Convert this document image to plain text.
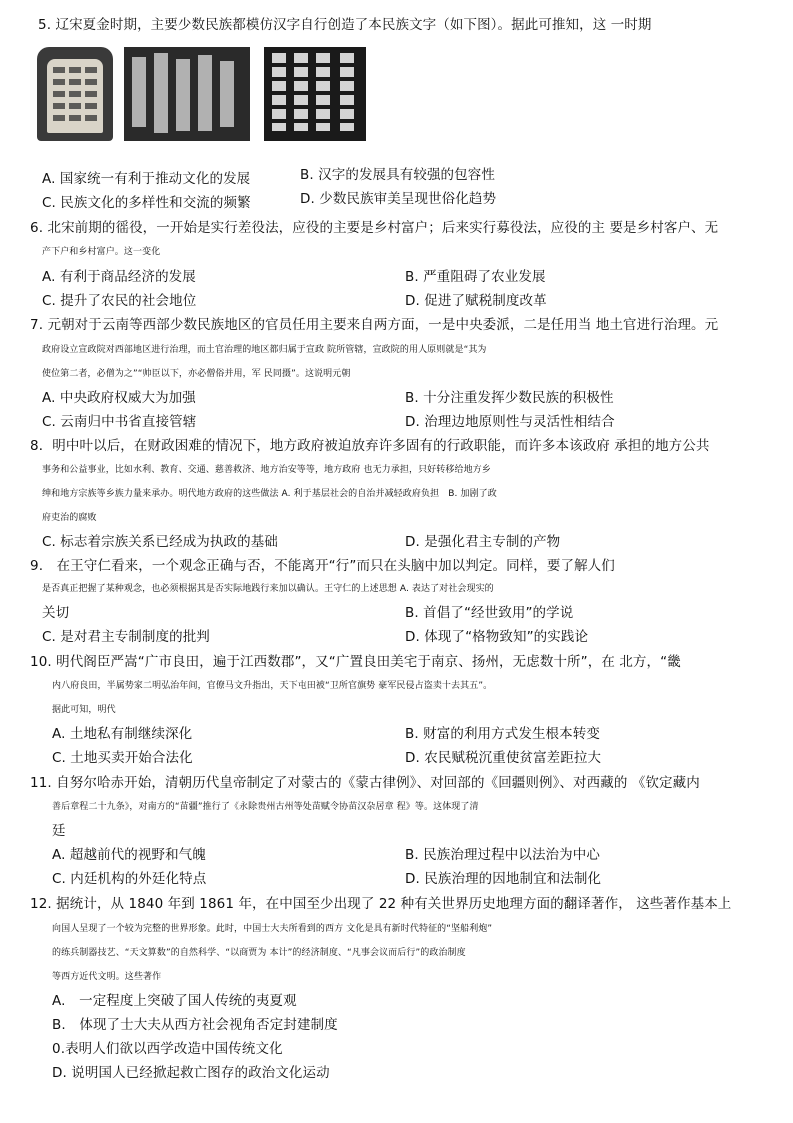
5. 辽宋夏金时期，主要少数民族都模仿汉字自行创造了本民族文字（如下图）。据此可推知，这 一时期
A. 国家统一有利于推动文化的发展	B. 汉字的发展具有较强的包容性
C. 民族文化的多样性和交流的频繁	D. 少数民族审美呈现世俗化趋势
6. 北宋前期的徭役，一开始是实行差役法，应役的主要是乡村富户；后来实行募役法，应役的主 要是乡村客户、无
产下户和乡村富户。这一变化
A. 有利于商品经济的发展	B. 严重阻碍了农业发展
C. 提升了农民的社会地位	D. 促进了赋税制度改革
7. 元朝对于云南等西部少数民族地区的官员任用主要来自两方面，一是中央委派，二是任用当 地土官进行治理。元
政府设立宣政院对西部地区进行治理，而土官治理的地区都归属于宣政 院所管辖，宣政院的用人原则就是“其为
使位第二者，必僧为之”“帅臣以下，亦必僧俗并用，军 民同摄”。这说明元朝
A. 中央政府权威大为加强	B. 十分注重发挥少数民族的积极性
C. 云南归中书省直接管辖	D. 治理边地原则性与灵活性相结合
8．明中叶以后，在财政困难的情况下，地方政府被迫放弃许多固有的行政职能，而许多本该政府 承担的地方公共
事务和公益事业，比如水利、教育、交通、慈善救济、地方治安等等，地方政府 也无力承担，只好转移给地方乡
绅和地方宗族等乡族力量来承办。明代地方政府的这些做法 A. 利于基层社会的自治并减轻政府负担　B. 加剧了政
府吏治的腐败
C. 标志着宗族关系已经成为执政的基础	D. 是强化君主专制的产物
9.　在王守仁看来，一个观念正确与否，不能离开“行”而只在头脑中加以判定。同样，要了解人们
是否真正把握了某种观念，也必须根据其是否实际地践行来加以确认。王守仁的上述思想 A. 表达了对社会现实的
关切	B. 首倡了“经世致用”的学说
C. 是对君主专制制度的批判	D. 体现了“格物致知”的实践论
10. 明代阁臣严嵩“广市良田，遍于江西数郡”，又“广置良田美宅于南京、扬州，无虑数十所”，在 北方，“畿
内八府良田，半属势家二明弘治年间，官僚马文升指出，天下屯田被“卫所官旗势 豪军民侵占盗卖十去其五”。
据此可知，明代
A. 土地私有制继续深化	B. 财富的利用方式发生根本转变
C. 土地买卖开始合法化	D. 农民赋税沉重使贫富差距拉大
11. 自努尔哈赤开始，清朝历代皇帝制定了对蒙古的《蒙古律例》、对回部的《回疆则例》、对西藏的 《钦定藏内
善后章程二十九条》，对南方的“苗疆”推行了《永除贵州古州等处苗赋令协苗汉杂居章 程》等。这体现了清
廷
A. 超越前代的视野和气魄	B. 民族治理过程中以法治为中心
C. 内廷机构的外廷化特点	D. 民族治理的因地制宜和法制化
12. 据统计，从 1840 年到 1861 年，在中国至少出现了 22 种有关世界历史地理方面的翻译著作， 这些著作基本上
向国人呈现了一个较为完整的世界形象。此时，中国士大夫所看到的西方 文化是具有新时代特征的“坚船利炮”
的练兵制器技艺、“天文算数”的自然科学、“以商贾为 本计”的经济制度、“凡事会议而后行”的政治制度
等西方近代文明。这些著作
A.　一定程度上突破了国人传统的夷夏观
B.　体现了士大夫从西方社会视角否定封建制度
0.表明人们欲以西学改造中国传统文化
D. 说明国人已经掀起救亡图存的政治文化运动
